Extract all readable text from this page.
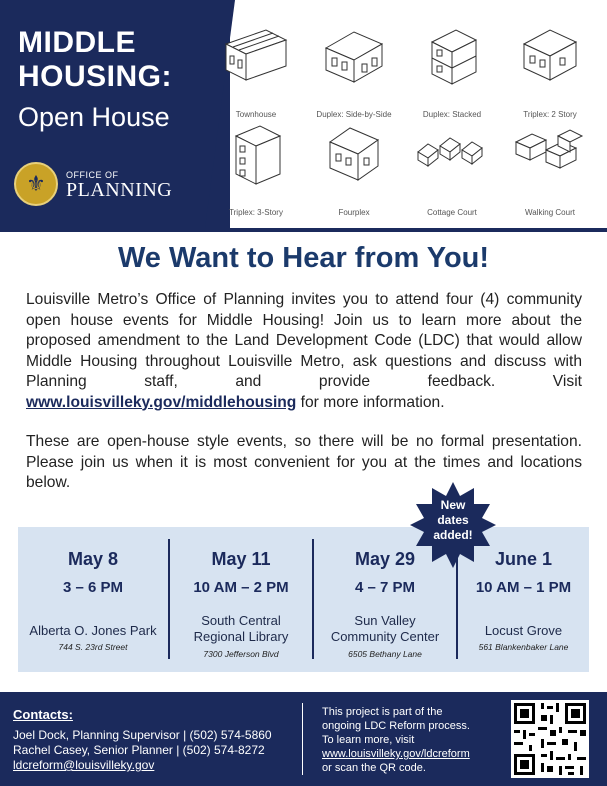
MIDDLE
HOUSING:
Open House
⚜ OFFICE OF
PLANNING
Townhouse	Duplex: Side-by-Side	Duplex: Stacked	Triplex: 2 Story
Triplex: 3-Story	Fourplex	Cottage Court	Walking Court
We Want to Hear from You!
Louisville Metro’s Office of Planning invites you to attend four (4) community open house events for Middle Housing! Join us to learn more about the proposed amendment to the Land Development Code (LDC) that would allow Middle Housing throughout Louisville Metro, ask questions and discuss with Planning staff, and provide feedback. Visit www.louisvilleky.gov/middlehousing for more information.
These are open-house style events, so there will be no formal presentation. Please join us when it is most convenient for you at the times and locations below.
May 8
3 – 6 PM
Alberta O. Jones Park
744 S. 23rd Street
May 11
10 AM – 2 PM
South Central
Regional Library
7300 Jefferson Blvd
May 29
4 – 7 PM
Sun Valley
Community Center
6505 Bethany Lane
June 1
10 AM – 1 PM
Locust Grove
561 Blankenbaker Lane
New
dates
added!
Contacts:
Joel Dock, Planning Supervisor | (502) 574-5860
Rachel Casey, Senior Planner | (502) 574-8272
ldcreform@louisvilleky.gov
This project is part of the
ongoing LDC Reform process.
To learn more, visit
www.louisvilleky.gov/ldcreform
or scan the QR code.
